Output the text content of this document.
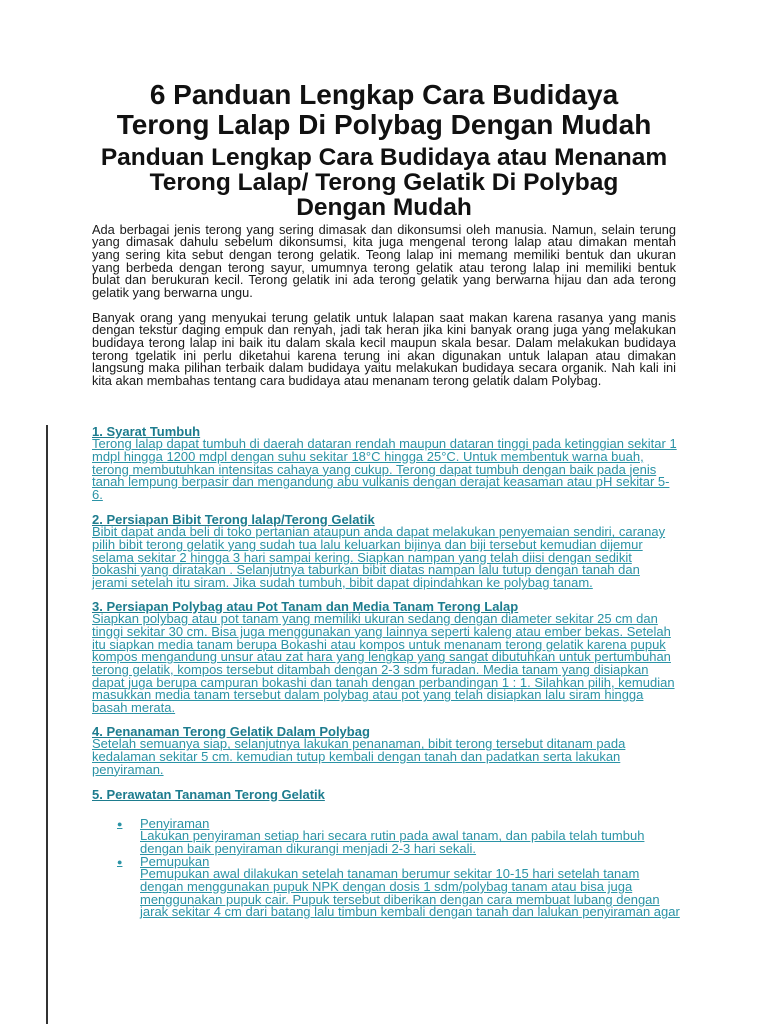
6 Panduan Lengkap Cara Budidaya
Terong Lalap Di Polybag Dengan Mudah
Panduan Lengkap Cara Budidaya atau Menanam
Terong Lalap/ Terong Gelatik Di Polybag
Dengan Mudah
Ada berbagai jenis terong yang sering dimasak dan dikonsumsi oleh manusia. Namun, selain terung
yang dimasak dahulu sebelum dikonsumsi, kita juga mengenal terong lalap atau dimakan mentah
yang sering kita sebut dengan terong gelatik. Teong lalap ini memang memiliki bentuk dan ukuran
yang berbeda dengan terong sayur, umumnya terong gelatik atau terong lalap ini memiliki bentuk
bulat dan berukuran kecil. Terong gelatik ini ada terong gelatik yang berwarna hijau dan ada terong
gelatik yang berwarna ungu.
Banyak orang yang menyukai terung gelatik untuk lalapan saat makan karena rasanya yang manis
dengan tekstur daging empuk dan renyah, jadi tak heran jika kini banyak orang juga yang melakukan
budidaya terong lalap ini baik itu dalam skala kecil maupun skala besar. Dalam melakukan budidaya
terong tgelatik ini perlu diketahui karena terung ini akan digunakan untuk lalapan atau dimakan
langsung maka pilihan terbaik dalam budidaya yaitu melakukan budidaya secara organik. Nah kali ini
kita akan membahas tentang cara budidaya atau menanam terong gelatik dalam Polybag.
1. Syarat Tumbuh
Terong lalap dapat tumbuh di daerah dataran rendah maupun dataran tinggi pada ketinggian sekitar 1
mdpl hingga 1200 mdpl dengan suhu sekitar 18°C hingga 25°C. Untuk membentuk warna buah,
terong membutuhkan intensitas cahaya yang cukup. Terong dapat tumbuh dengan baik pada jenis
tanah lempung berpasir dan mengandung abu vulkanis dengan derajat keasaman atau pH sekitar 5-
6.
2. Persiapan Bibit Terong lalap/Terong Gelatik
Bibit dapat anda beli di toko pertanian ataupun anda dapat melakukan penyemaian sendiri, caranay
pilih bibit terong gelatik yang sudah tua lalu keluarkan bijinya dan biji tersebut kemudian dijemur
selama sekitar 2 hingga 3 hari sampai kering. Siapkan nampan yang telah diisi dengan sedikit
bokashi yang diratakan . Selanjutnya taburkan bibit diatas nampan lalu tutup dengan tanah dan
jerami setelah itu siram. Jika sudah tumbuh, bibit dapat dipindahkan ke polybag tanam.
3. Persiapan Polybag atau Pot Tanam dan Media Tanam Terong Lalap
Siapkan polybag atau pot tanam yang memiliki ukuran sedang dengan diameter sekitar 25 cm dan
tinggi sekitar 30 cm. Bisa juga menggunakan yang lainnya seperti kaleng atau ember bekas. Setelah
itu siapkan media tanam berupa Bokashi atau kompos untuk menanam terong gelatik karena pupuk
kompos mengandung unsur atau zat hara yang lengkap yang sangat dibutuhkan untuk pertumbuhan
terong gelatik, kompos tersebut ditambah dengan 2-3 sdm furadan. Media tanam yang disiapkan
dapat juga berupa campuran bokashi dan tanah dengan perbandingan 1 : 1. Silahkan pilih, kemudian
masukkan media tanam tersebut dalam polybag atau pot yang telah disiapkan lalu siram hingga
basah merata.
4. Penanaman Terong Gelatik Dalam Polybag
Setelah semuanya siap, selanjutnya lakukan penanaman, bibit terong tersebut ditanam pada
kedalaman sekitar 5 cm. kemudian tutup kembali dengan tanah dan padatkan serta lakukan
penyiraman.
5. Perawatan Tanaman Terong Gelatik
● Penyiraman
Lakukan penyiraman setiap hari secara rutin pada awal tanam, dan pabila telah tumbuh
dengan baik penyiraman dikurangi menjadi 2-3 hari sekali.
● Pemupukan
Pemupukan awal dilakukan setelah tanaman berumur sekitar 10-15 hari setelah tanam
dengan menggunakan pupuk NPK dengan dosis 1 sdm/polybag tanam atau bisa juga
menggunakan pupuk cair. Pupuk tersebut diberikan dengan cara membuat lubang dengan
jarak sekitar 4 cm dari batang lalu timbun kembali dengan tanah dan lalukan penyiraman agar
